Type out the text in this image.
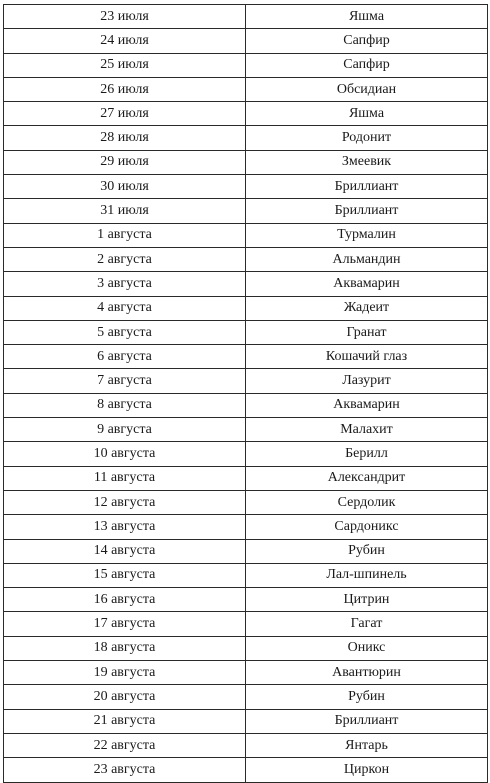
23 июля	Яшма
24 июля	Сапфир
25 июля	Сапфир
26 июля	Обсидиан
27 июля	Яшма
28 июля	Родонит
29 июля	Змеевик
30 июля	Бриллиант
31 июля	Бриллиант
1 августа	Турмалин
2 августа	Альмандин
3 августа	Аквамарин
4 августа	Жадеит
5 августа	Гранат
6 августа	Кошачий глаз
7 августа	Лазурит
8 августа	Аквамарин
9 августа	Малахит
10 августа	Берилл
11 августа	Александрит
12 августа	Сердолик
13 августа	Сардоникс
14 августа	Рубин
15 августа	Лал-шпинель
16 августа	Цитрин
17 августа	Гагат
18 августа	Оникс
19 августа	Авантюрин
20 августа	Рубин
21 августа	Бриллиант
22 августа	Янтарь
23 августа	Циркон
